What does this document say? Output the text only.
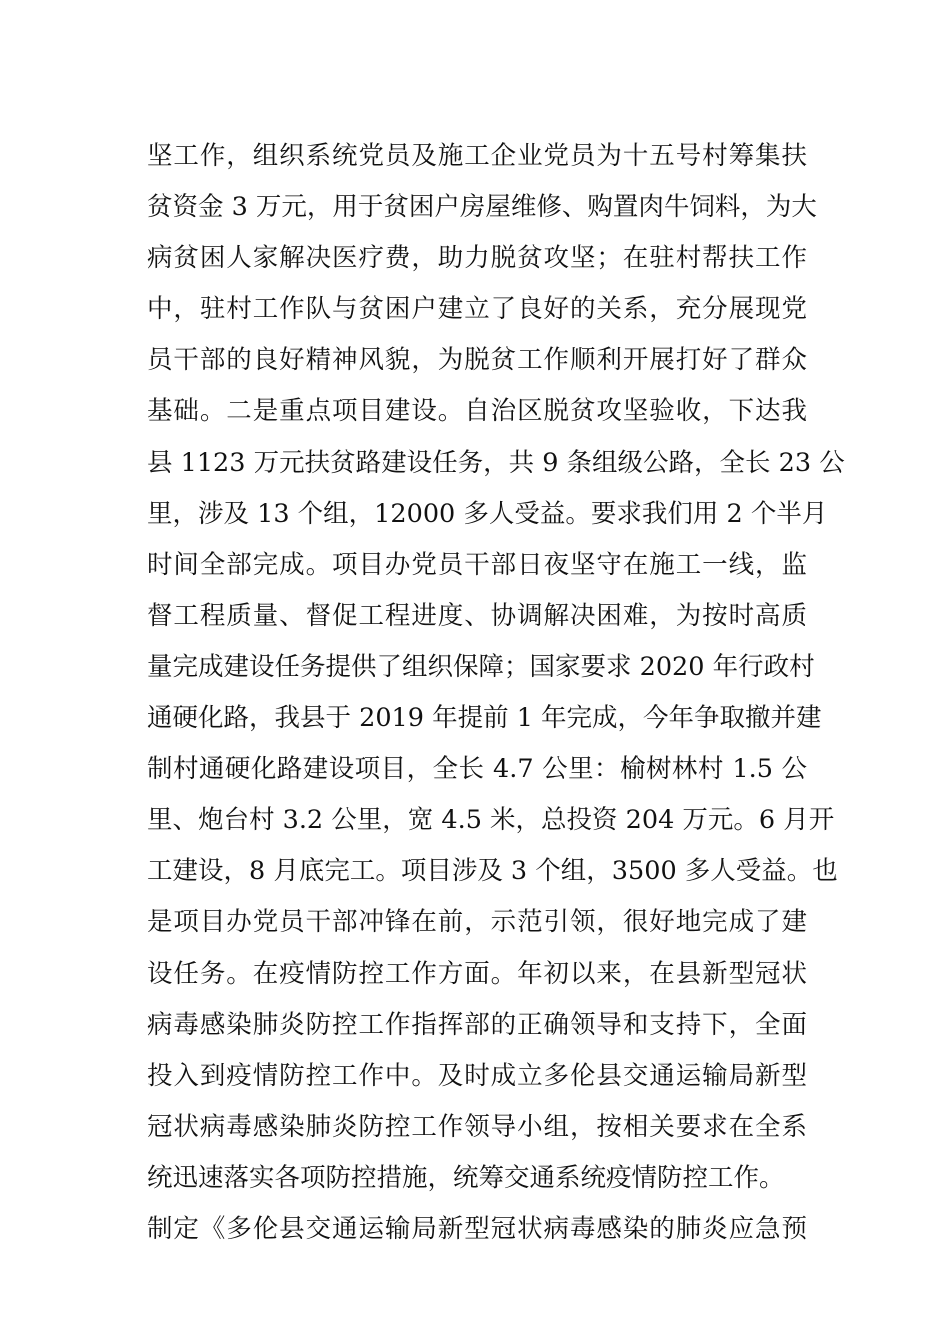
坚工作，组织系统党员及施工企业党员为十五号村筹集扶
贫资金 3 万元，用于贫困户房屋维修、购置肉牛饲料，为大
病贫困人家解决医疗费，助力脱贫攻坚；在驻村帮扶工作
中，驻村工作队与贫困户建立了良好的关系，充分展现党
员干部的良好精神风貌，为脱贫工作顺利开展打好了群众
基础。二是重点项目建设。自治区脱贫攻坚验收，下达我
县 1123 万元扶贫路建设任务，共 9 条组级公路，全长 23 公
里，涉及 13 个组，12000 多人受益。要求我们用 2 个半月
时间全部完成。项目办党员干部日夜坚守在施工一线，监
督工程质量、督促工程进度、协调解决困难，为按时高质
量完成建设任务提供了组织保障；国家要求 2020 年行政村
通硬化路，我县于 2019 年提前 1 年完成，今年争取撤并建
制村通硬化路建设项目，全长 4.7 公里：榆树林村 1.5 公
里、炮台村 3.2 公里，宽 4.5 米，总投资 204 万元。6 月开
工建设，8 月底完工。项目涉及 3 个组，3500 多人受益。也
是项目办党员干部冲锋在前，示范引领，很好地完成了建
设任务。在疫情防控工作方面。年初以来，在县新型冠状
病毒感染肺炎防控工作指挥部的正确领导和支持下，全面
投入到疫情防控工作中。及时成立多伦县交通运输局新型
冠状病毒感染肺炎防控工作领导小组，按相关要求在全系
统迅速落实各项防控措施，统筹交通系统疫情防控工作。
制定《多伦县交通运输局新型冠状病毒感染的肺炎应急预
